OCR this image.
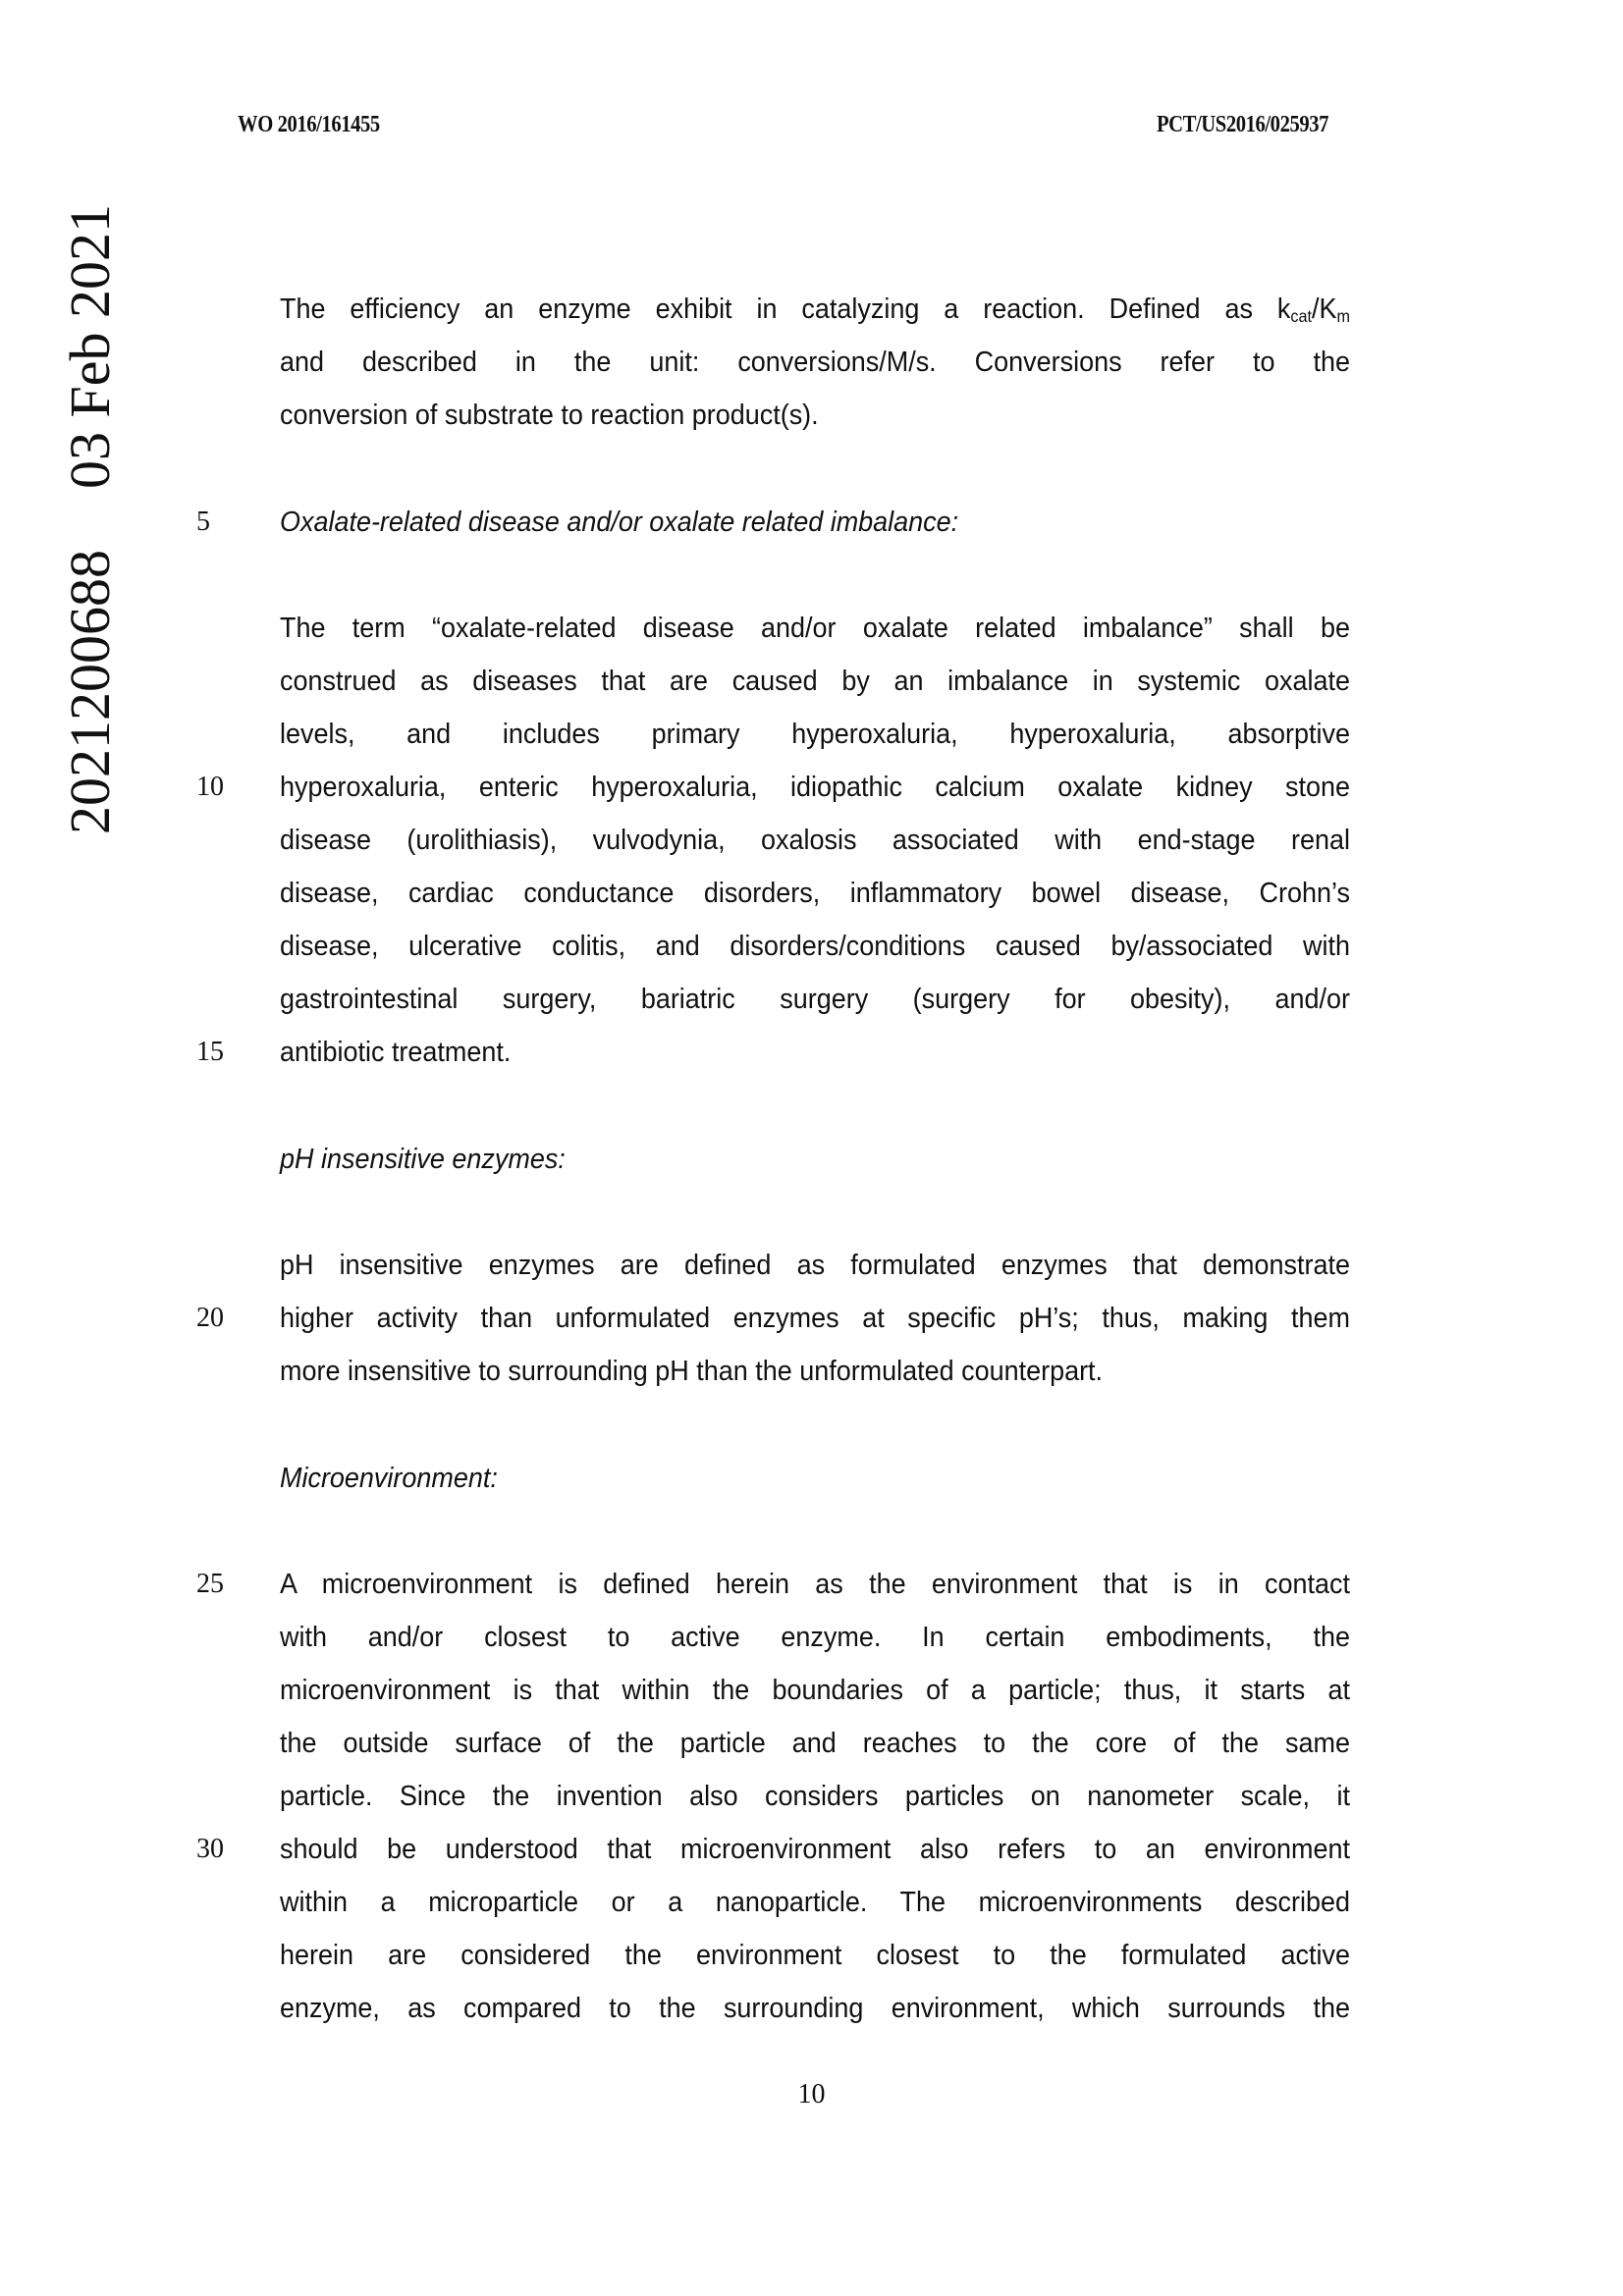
WO 2016/161455	PCT/US2016/025937
2021200688
03 Feb 2021	The efficiency an enzyme exhibit in catalyzing a reaction. Defined as $k_{cat}/K_m$
and described in the unit: conversions/M/s. Conversions refer to the
conversion of substrate to reaction product(s).
5 Oxalate-related disease and/or oxalate related imbalance:
The term “oxalate-related disease and/or oxalate related imbalance” shall be
construed as diseases that are caused by an imbalance in systemic oxalate
levels, and includes primary hyperoxaluria, hyperoxaluria, absorptive
10 hyperoxaluria, enteric hyperoxaluria, idiopathic calcium oxalate kidney stone
disease (urolithiasis), vulvodynia, oxalosis associated with end-stage renal
disease, cardiac conductance disorders, inflammatory bowel disease, Crohn’s
disease, ulcerative colitis, and disorders/conditions caused by/associated with
gastrointestinal surgery, bariatric surgery (surgery for obesity), and/or
15 antibiotic treatment.
pH insensitive enzymes:
pH insensitive enzymes are defined as formulated enzymes that demonstrate
20 higher activity than unformulated enzymes at specific pH’s; thus, making them
more insensitive to surrounding pH than the unformulated counterpart.
Microenvironment:
25 A microenvironment is defined herein as the environment that is in contact
with and/or closest to active enzyme. In certain embodiments, the
microenvironment is that within the boundaries of a particle; thus, it starts at
the outside surface of the particle and reaches to the core of the same
particle. Since the invention also considers particles on nanometer scale, it
30 should be understood that microenvironment also refers to an environment
within a microparticle or a nanoparticle. The microenvironments described
herein are considered the environment closest to the formulated active
enzyme, as compared to the surrounding environment, which surrounds the
10
